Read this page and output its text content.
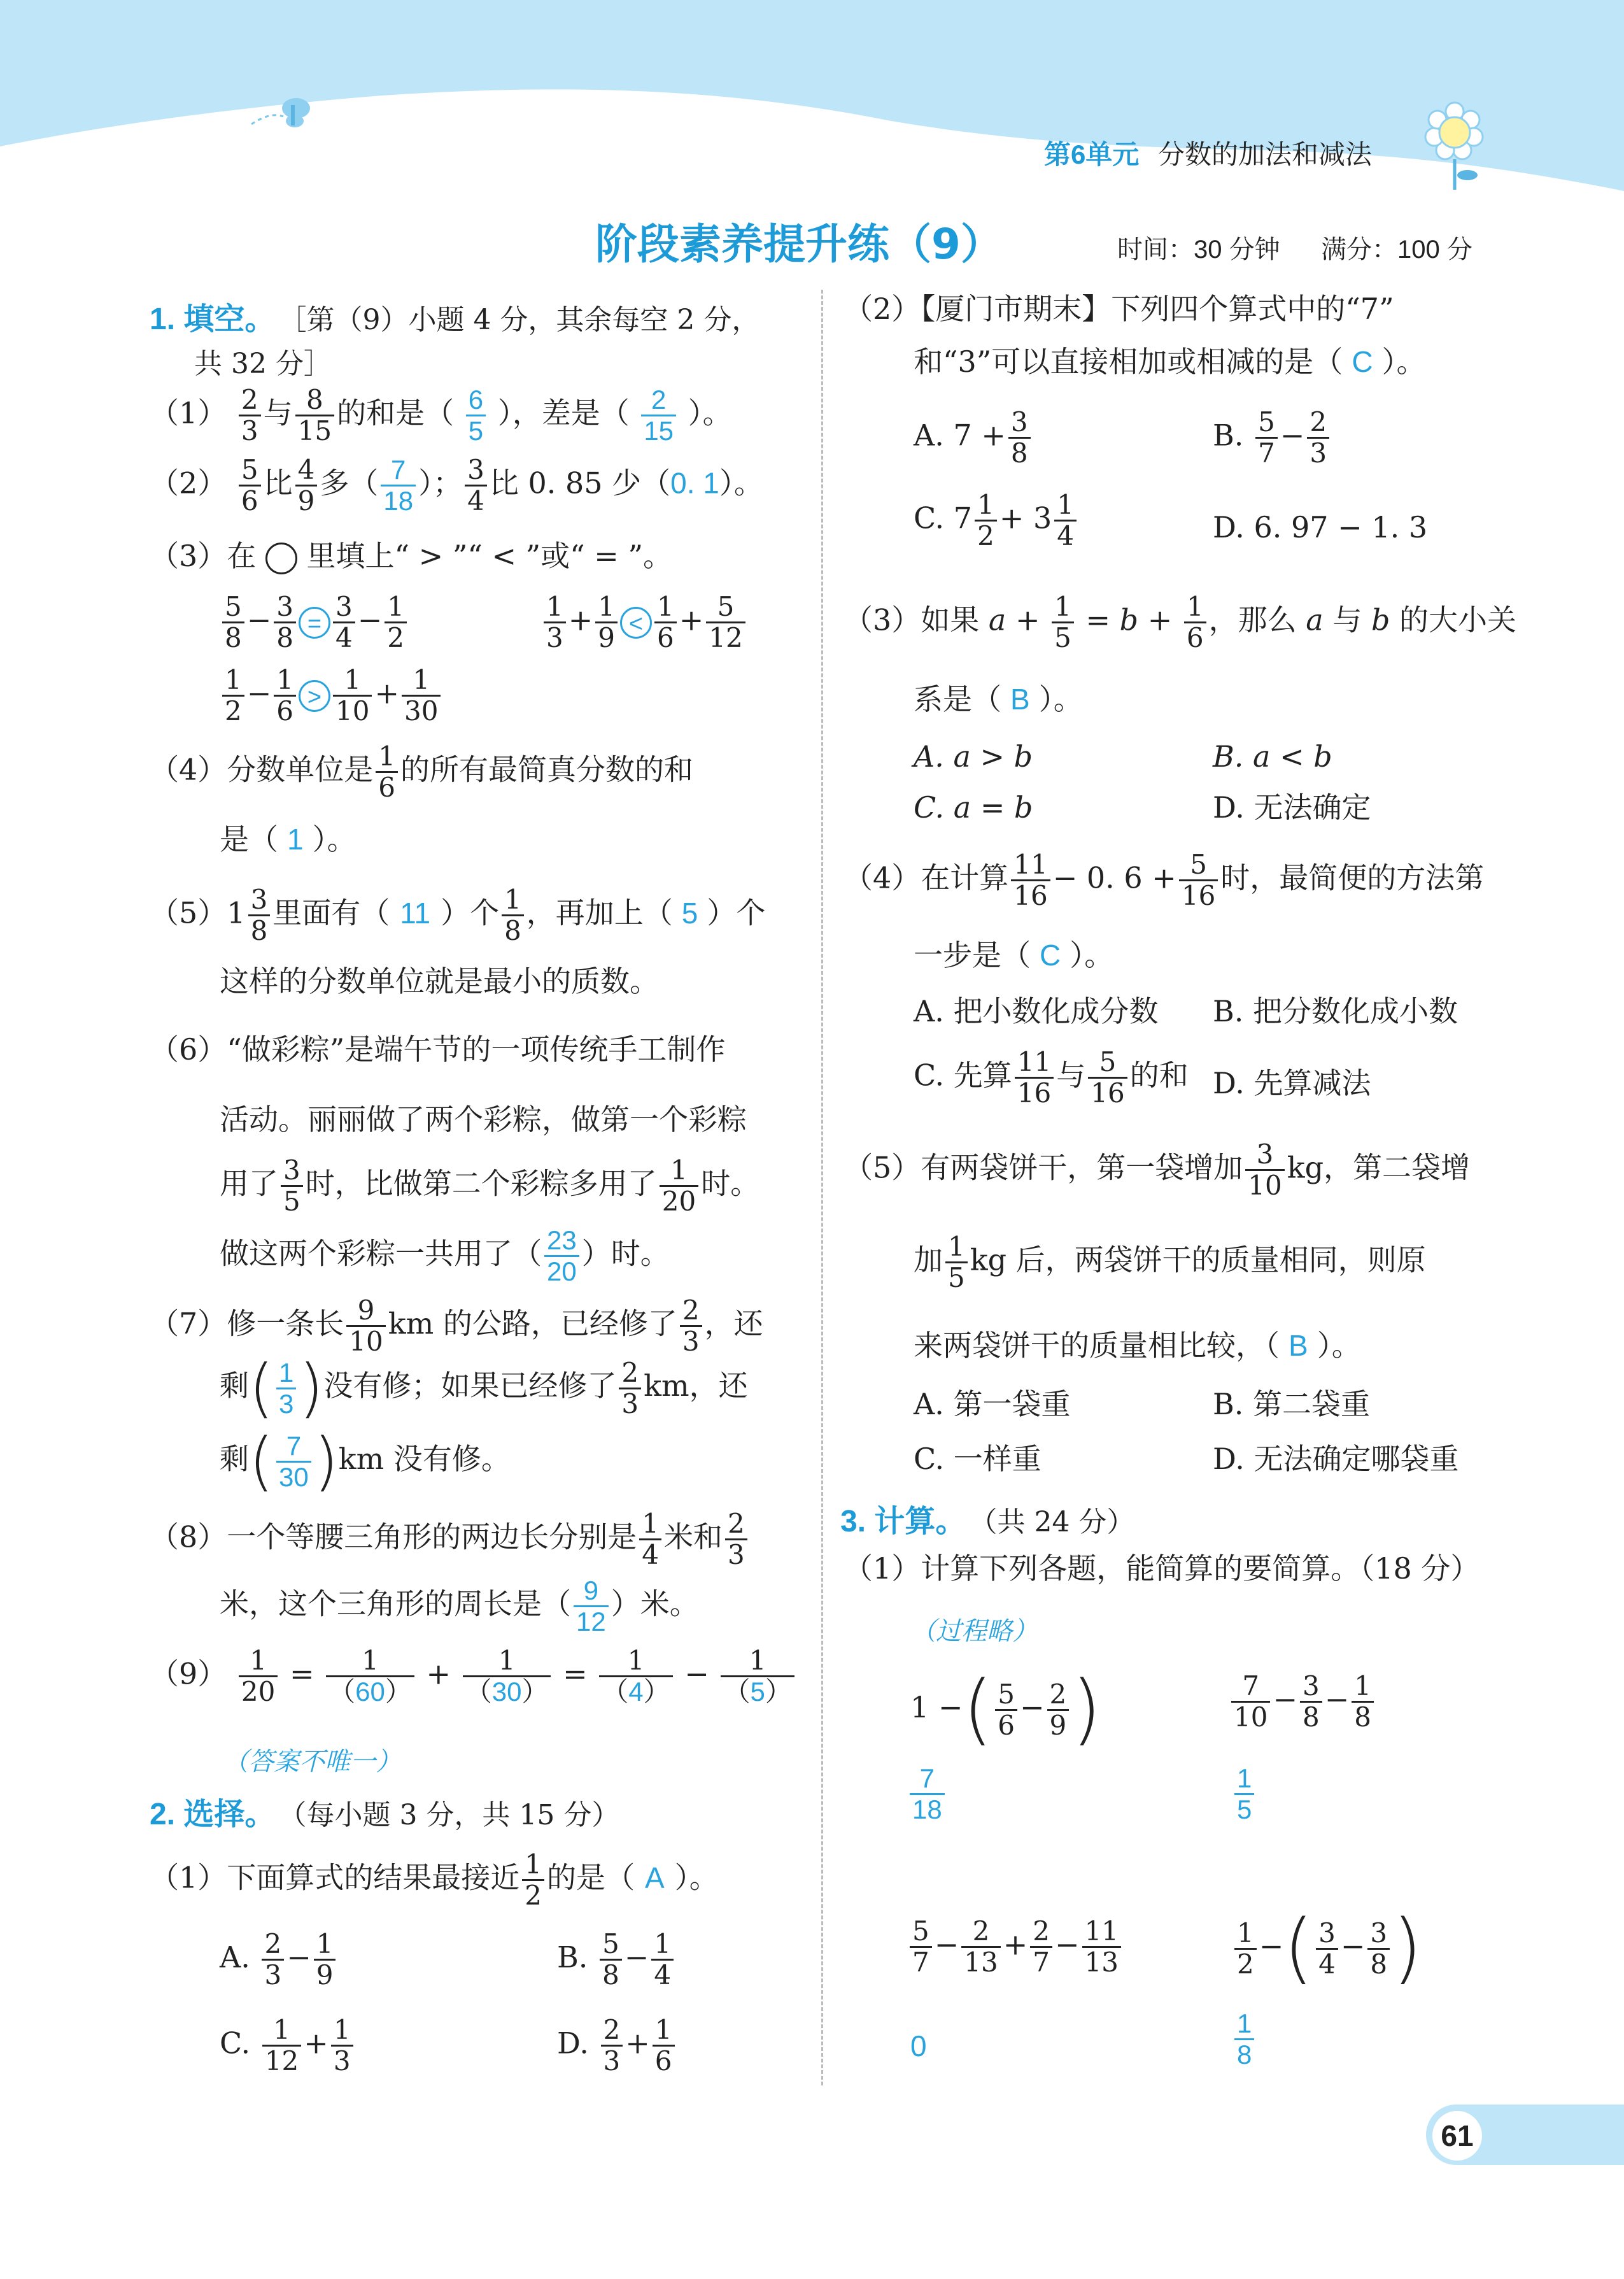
第6单元 分数的加法和减法
阶段素养提升练（9）	时间：30 分钟 满分：100 分
1. 填空。 ［第（9）小题 4 分，其余每空 2 分，
共 32 分］
$(1) \frac{2}{3}$ 与 $\frac{8}{15}$ 的和是（ $\frac{6}{5}$ ），差是（ $\frac{2}{15}$ ）。
$(2) \frac{5}{6}$ 比 $\frac{4}{9}$ 多（ $\frac{7}{18}$ ）； $\frac{3}{4}$ 比 0. 85 少（0. 1）。
（3）在 里填上“ > ”“ < ”或“ = ”。
$\frac{5}{8} - \frac{3}{8} = \frac{3}{4} - \frac{1}{2}$	$\frac{1}{3} + \frac{1}{9} < \frac{1}{6} + \frac{5}{12}$
$\frac{1}{2} - \frac{1}{6} > \frac{1}{10} + \frac{1}{30}$
（4）分数单位是 $\frac{1}{6}$ 的所有最简真分数的和
是（ 1 ）。
$(5)1 \frac{3}{8}$ 里面有（ 11 ）个 $\frac{1}{8}$ ，再加上（ 5 ）个
这样的分数单位就是最小的质数。
（6）“做彩粽”是端午节的一项传统手工制作
活动。丽丽做了两个彩粽，做第一个彩粽
用了 $\frac{3}{5}$ 时，比做第二个彩粽多用了 $\frac{1}{20}$ 时。
做这两个彩粽一共用了（ $\frac{23}{20}$ ）时。
（7）修一条长 $\frac{9}{10}$ km 的公路，已经修了 $\frac{2}{3}$ ，还
剩( $\frac{1}{3}$ )没有修；如果已经修了 $\frac{2}{3}$ km，还
剩( $\frac{7}{30} )km$ 没有修。
（8）一个等腰三角形的两边长分别是 $\frac{1}{4}$ 米和 $\frac{2}{3}$
米，这个三角形的周长是（ $\frac{9}{12}$ ）米。
$(9) \frac{1}{20} = \frac{1}{(60)} + \frac{1}{(30)} = \frac{1}{(4)} - \frac{1}{(5)}$
（答案不唯一）
2. 选择。 （每小题 3 分，共 15 分）
（1）下面算式的结果最接近 $\frac{1}{2}$ 的是（ A ）。
A. $\frac{2}{3} - \frac{1}{9}$	B. $\frac{5}{8} - \frac{1}{4}$
C. $\frac{1}{12} + \frac{1}{3}$	D. $\frac{2}{3} + \frac{1}{6}$
（2）【厦门市期末】下列四个算式中的“7”
和“3”可以直接相加或相减的是（ C ）。
A. $7 + \frac{3}{8}$	B. $\frac{5}{7} - \frac{2}{3}$
C. $7 \frac{1}{2} + 3 \frac{1}{4}$	D. 6. 97 − 1. 3
（3）如果 $a + \frac{1}{5} = b + \frac{1}{6}$ ，那么 a 与 b 的大小关
系是（ B ）。
A. a > b	B. a < b
C. a = b	D. 无法确定
（4）在计算 $\frac{11}{16} - 0$. $6 + \frac{5}{16}$ 时，最简便的方法第
一步是（ C ）。
A. 把小数化成分数 B. 把分数化成小数
C. 先算 $\frac{11}{16}$ 与 $\frac{5}{16}$ 的和 D. 先算减法
（5）有两袋饼干，第一袋增加 $\frac{3}{10}$ kg，第二袋增
加 $\frac{1}{5}$ kg 后，两袋饼干的质量相同，则原
来两袋饼干的质量相比较，（ B ）。
A. 第一袋重	B. 第二袋重
C. 一样重	D. 无法确定哪袋重
3. 计算。 （共 24 分）
（1）计算下列各题，能简算的要简算。（18 分）
（过程略）
1 −( $\frac{5}{6} - \frac{2}{9}$ )
$\frac{7}{18}$
$\frac{7}{10} - \frac{3}{8} - \frac{1}{8}$
$\frac{1}{5}$
$\frac{5}{7} - \frac{2}{13} + \frac{2}{7} - \frac{11}{13}$
0
$\frac{1}{2}$ −( $\frac{3}{4} - \frac{3}{8}$ )
$\frac{1}{8}$
61
